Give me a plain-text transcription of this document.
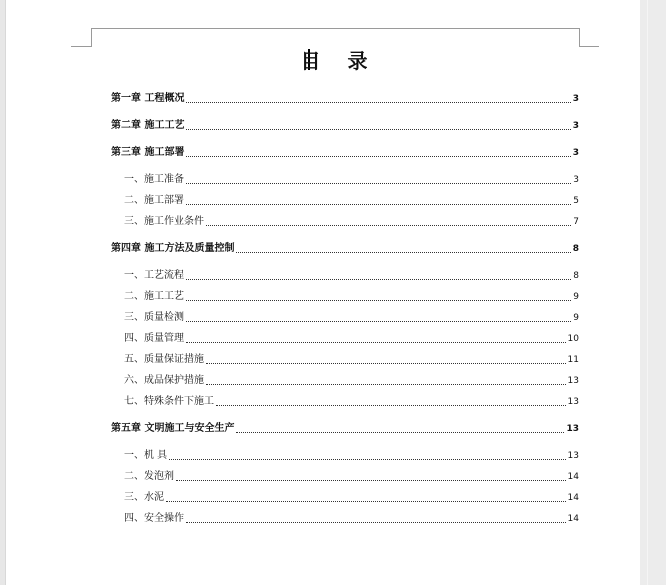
目 录
第一章 工程概况	3
第二章 施工工艺	3
第三章 施工部署	3
一、施工准备	3
二、施工部署	5
三、施工作业条件	7
第四章 施工方法及质量控制	8
一、工艺流程	8
二、施工工艺	9
三、质量检测	9
四、质量管理	10
五、质量保证措施	11
六、成品保护措施	13
七、特殊条件下施工	13
第五章 文明施工与安全生产	13
一、机 具	13
二、发泡剂	14
三、水泥	14
四、安全操作	14
